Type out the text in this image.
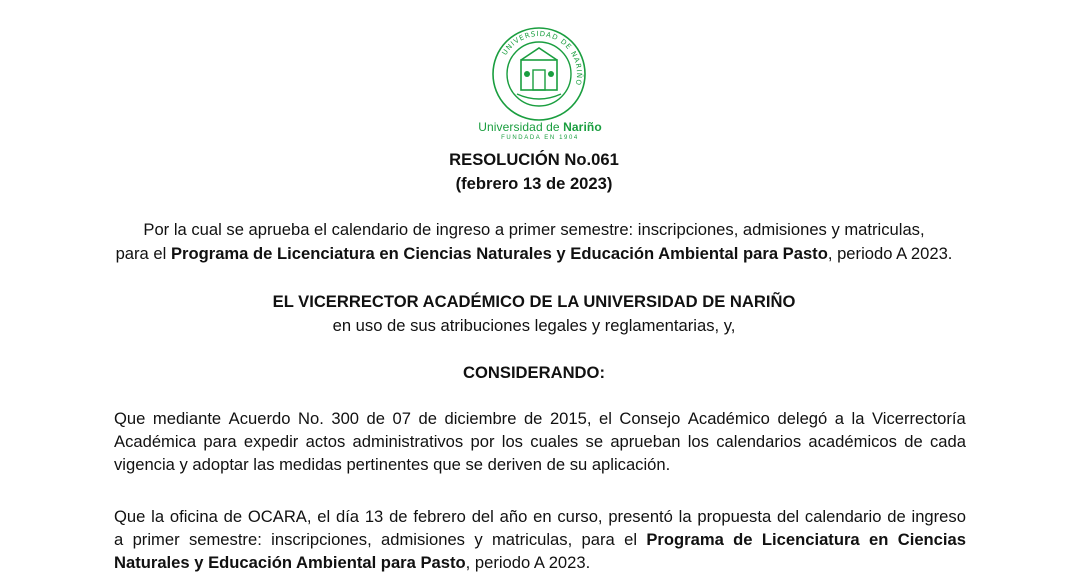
UNIVERSIDAD DE NARIÑO
Universidad de Nariño
FUNDADA EN 1904
RESOLUCIÓN No.061
(febrero 13 de 2023)
Por la cual se aprueba el calendario de ingreso a primer semestre: inscripciones, admisiones y matriculas,
para el Programa de Licenciatura en Ciencias Naturales y Educación Ambiental para Pasto, periodo A 2023.
EL VICERRECTOR ACADÉMICO DE LA UNIVERSIDAD DE NARIÑO
en uso de sus atribuciones legales y reglamentarias, y,
CONSIDERANDO:
Que mediante Acuerdo No. 300 de 07 de diciembre de 2015, el Consejo Académico delegó a la Vicerrectoría
Académica para expedir actos administrativos por los cuales se aprueban los calendarios académicos de cada
vigencia y adoptar las medidas pertinentes que se deriven de su aplicación.
Que la oficina de OCARA, el día 13 de febrero del año en curso, presentó la propuesta del calendario de ingreso
a primer semestre: inscripciones, admisiones y matriculas, para el Programa de Licenciatura en Ciencias
Naturales y Educación Ambiental para Pasto, periodo A 2023.
